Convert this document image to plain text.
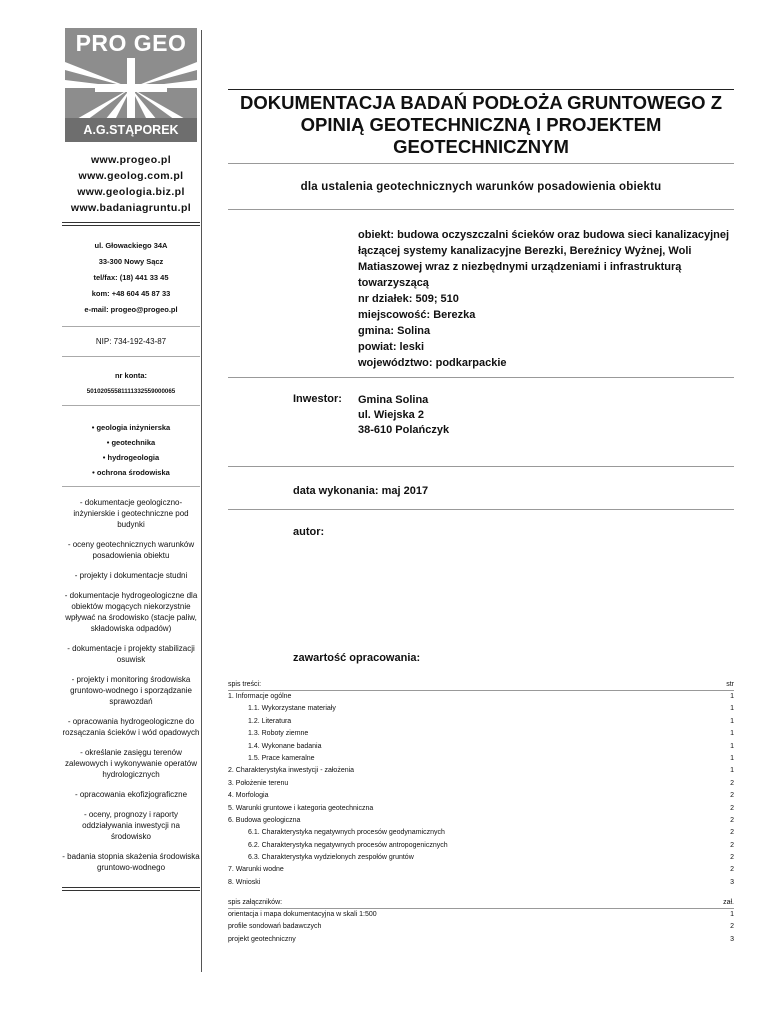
PRO GEO
A.G.STĄPOREK
www.progeo.pl
www.geolog.com.pl
www.geologia.biz.pl
www.badaniagruntu.pl
ul. Głowackiego 34A
33-300 Nowy Sącz
tel/fax: (18) 441 33 45
kom: +48 604 45 87 33
e-mail: progeo@progeo.pl
NIP: 734-192-43-87
nr konta:
50102055581111332559000065
• geologia inżynierska
• geotechnika
• hydrogeologia
• ochrona środowiska
- dokumentacje geologiczno-inżynierskie i geotechniczne pod budynki
- oceny geotechnicznych warunków posadowienia obiektu
- projekty i dokumentacje studni
- dokumentacje hydrogeologiczne dla obiektów mogących niekorzystnie wpływać na środowisko (stacje paliw, składowiska odpadów)
- dokumentacje i projekty stabilizacji osuwisk
- projekty i monitoring środowiska gruntowo-wodnego i sporządzanie sprawozdań
- opracowania hydrogeologiczne do rozsączania ścieków i wód opadowych
- określanie zasięgu terenów zalewowych i wykonywanie operatów hydrologicznych
- opracowania ekofizjograficzne
- oceny, prognozy i raporty oddziaływania inwestycji na środowisko
- badania stopnia skażenia środowiska gruntowo-wodnego
DOKUMENTACJA BADAŃ PODŁOŻA GRUNTOWEGO Z OPINIĄ GEOTECHNICZNĄ I PROJEKTEM GEOTECHNICZNYM
dla ustalenia geotechnicznych warunków posadowienia obiektu
obiekt: budowa oczyszczalni ścieków oraz budowa sieci kanalizacyjnej
łączącej systemy kanalizacyjne Berezki, Bereźnicy Wyżnej, Woli
Matiaszowej wraz z niezbędnymi urządzeniami i infrastrukturą
towarzyszącą
nr działek: 509; 510
miejscowość: Berezka
gmina: Solina
powiat: leski
województwo: podkarpackie
Inwestor: Gmina Solina
ul. Wiejska 2
38-610 Polańczyk
data wykonania: maj 2017
autor:
zawartość opracowania:
spis treści:	str
1. Informacje ogólne	1
1.1. Wykorzystane materiały	1
1.2. Literatura	1
1.3. Roboty ziemne	1
1.4. Wykonane badania	1
1.5. Prace kameralne	1
2. Charakterystyka inwestycji - założenia	1
3. Położenie terenu	2
4. Morfologia	2
5. Warunki gruntowe i kategoria geotechniczna	2
6. Budowa geologiczna	2
6.1. Charakterystyka negatywnych procesów geodynamicznych	2
6.2. Charakterystyka negatywnych procesów antropogenicznych	2
6.3. Charakterystyka wydzielonych zespołów gruntów	2
7. Warunki wodne	2
8. Wnioski	3
spis załączników:	zał.
orientacja i mapa dokumentacyjna w skali 1:500	1
profile sondowań badawczych	2
projekt geotechniczny	3
